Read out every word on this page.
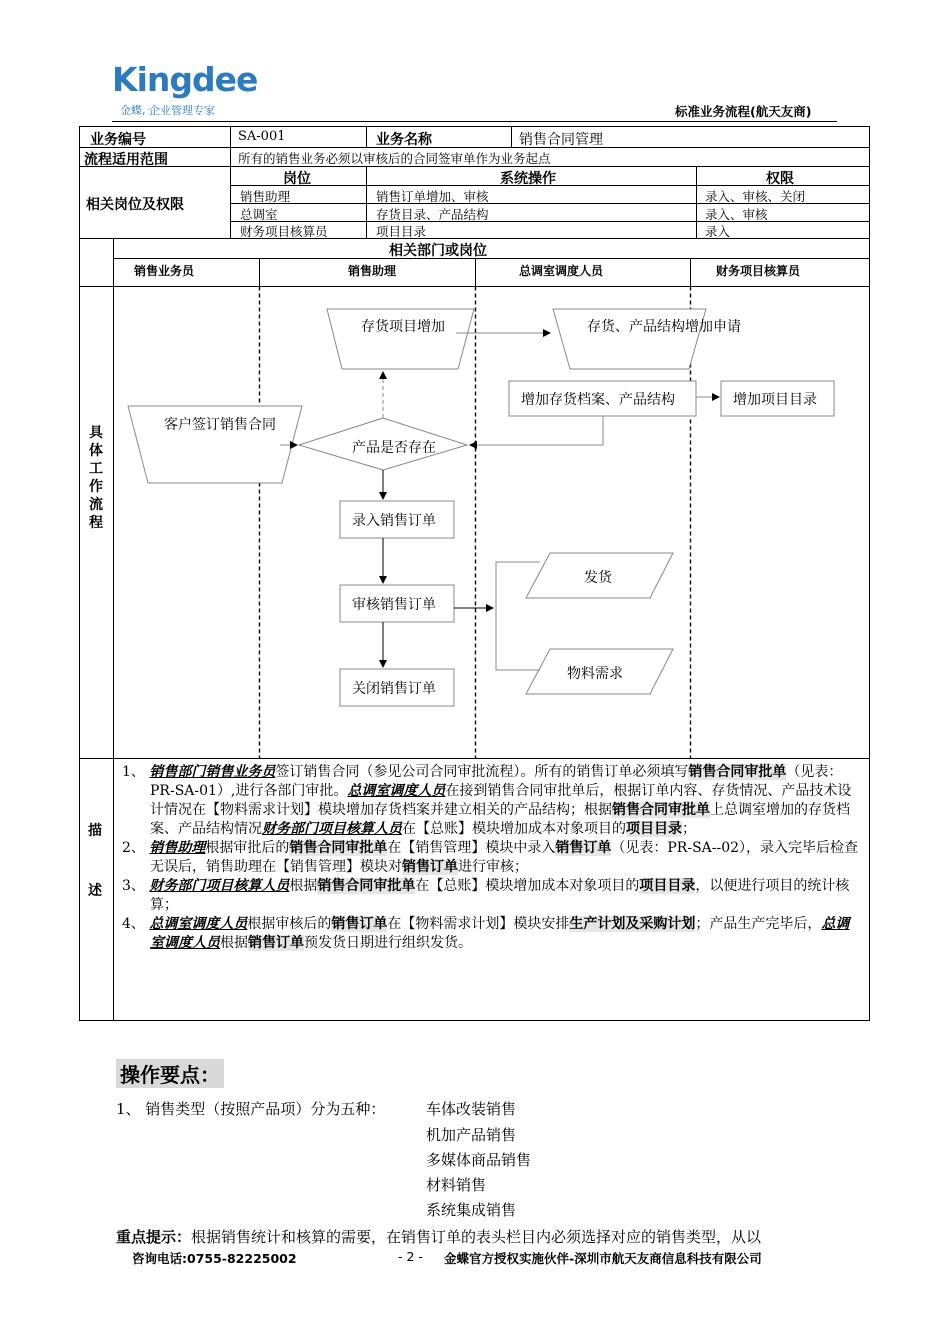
Kingdee
金蝶, 企业管理专家	标准业务流程(航天友商)
业务编号	SA-001	业务名称	销售合同管理
流程适用范围	所有的销售业务必须以审核后的合同签审单作为业务起点
相关岗位及权限
岗位	系统操作	权限
销售助理	销售订单增加、审核	录入、审核、关闭
总调室	存货目录、产品结构	录入、审核
财务项目核算员	项目目录	录入
相关部门或岗位
销售业务员	销售助理	总调室调度人员	财务项目核算员
具体工作流程
客户签订销售合同
产品是否存在
存货项目增加	存货、产品结构增加申请
增加存货档案、产品结构	增加项目目录
录入销售订单
审核销售订单
关闭销售订单
发货
物料需求
描
述

1、 销售部门销售业务员签订销售合同（参见公司合同审批流程）。所有的销售订单必须填写销售合同审批单（见表：PR-SA-01）,进行各部门审批。总调室调度人员在接到销售合同审批单后，根据订单内容、存货情况、产品技术设计情况在【物料需求计划】模块增加存货档案并建立相关的产品结构；根据销售合同审批单上总调室增加的存货档案、产品结构情况财务部门项目核算人员在【总账】模块增加成本对象项目的项目目录；

2、 销售助理根据审批后的销售合同审批单在【销售管理】模块中录入销售订单（见表：PR-SA--02），录入完毕后检查无误后，销售助理在【销售管理】模块对销售订单进行审核；

3、 财务部门项目核算人员根据销售合同审批单在【总账】模块增加成本对象项目的项目目录，以便进行项目的统计核算；

4、 总调室调度人员根据审核后的销售订单在【物料需求计划】模块安排生产计划及采购计划；产品生产完毕后，总调室调度人员根据销售订单预发货日期进行组织发货。

操作要点：
1、 销售类型（按照产品项）分为五种：	车体改装销售
机加产品销售
多媒体商品销售
材料销售
系统集成销售
重点提示：根据销售统计和核算的需要，在销售订单的表头栏目内必须选择对应的销售类型，从以
咨询电话:0755-82225002	- 2 - 金蝶官方授权实施伙伴-深圳市航天友商信息科技有限公司
